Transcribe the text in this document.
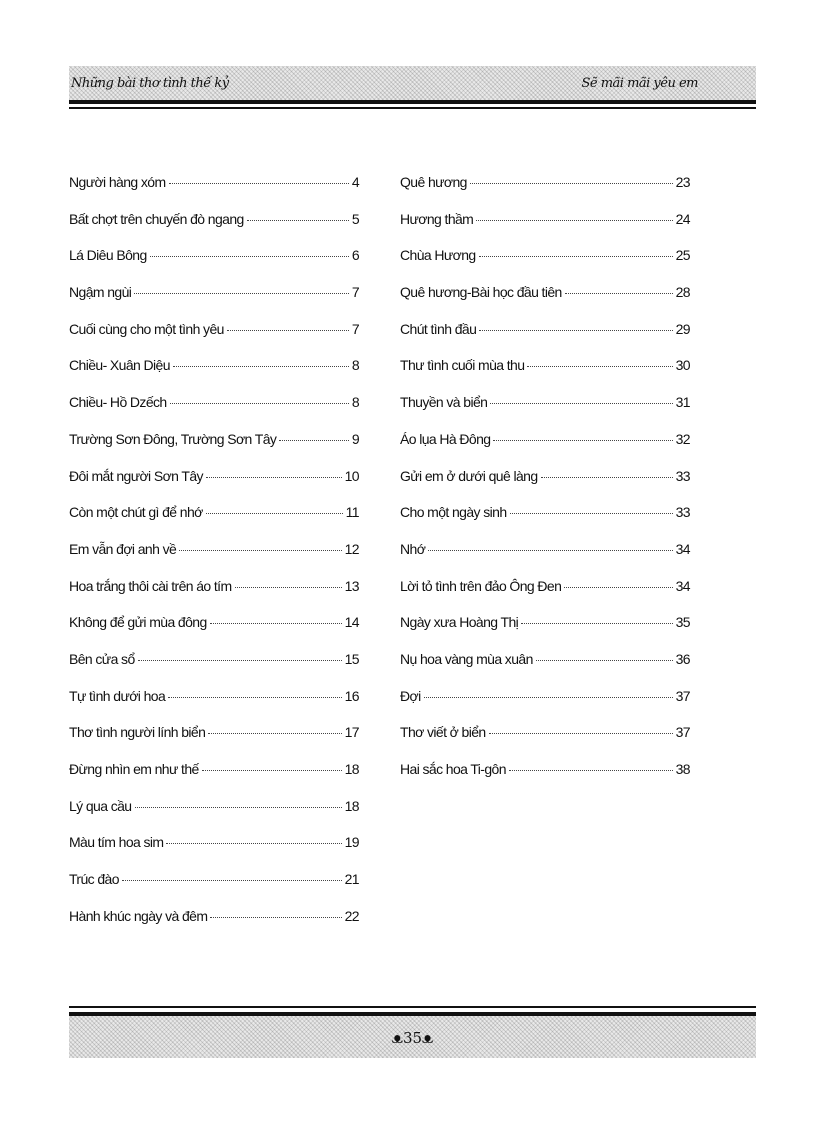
Những bài thơ tình thế kỷ	Sẽ mãi mãi yêu em
Người hàng xóm	4
Bất chợt trên chuyến đò ngang	5
Lá Diêu Bông	6
Ngậm ngùi	7
Cuối cùng cho một tình yêu	7
Chiều- Xuân Diệu	8
Chiều- Hồ Dzếch	8
Trường Sơn Đông, Trường Sơn Tây	9
Đôi mắt người Sơn Tây	10
Còn một chút gì để nhớ	11
Em vẫn đợi anh về	12
Hoa trắng thôi cài trên áo tím	13
Không để gửi mùa đông	14
Bên cửa sổ	15
Tự tình dưới hoa	16
Thơ tình người lính biển	17
Đừng nhìn em như thế	18
Lý qua cầu	18
Màu tím hoa sim	19
Trúc đào	21
Hành khúc ngày và đêm	22
Quê hương	23
Hương thầm	24
Chùa Hương	25
Quê hương-Bài học đầu tiên	28
Chút tình đầu	29
Thư tình cuối mùa thu	30
Thuyền và biển	31
Áo lụa Hà Đông	32
Gửi em ở dưới quê làng	33
Cho một ngày sinh	33
Nhớ	34
Lời tỏ tình trên đảo Ông Đen	34
Ngày xưa Hoàng Thị	35
Nụ hoa vàng mùa xuân	36
Đợi	37
Thơ viết ở biển	37
Hai sắc hoa Ti-gôn	38
ᴥ35ᴥ
